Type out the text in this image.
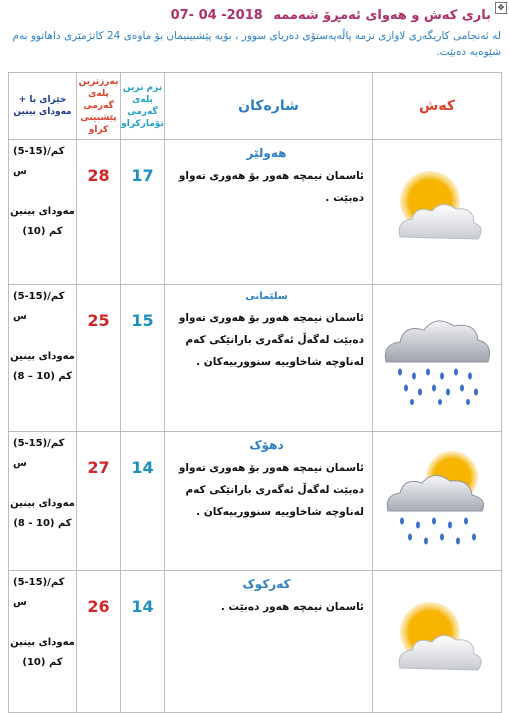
✥
باری کەش و هەوای ئەمڕۆ شەممە 2018- 04 -07
لە ئەنجامی کاریگەری لاوازی نزمە پاڵەپەستۆی دەریای سوور ، بۆیە پێشبینیمان بۆ ماوەی 24 کاتژمێری داهاتوو بەم شێوەیە دەبێت.
خێرای با + مەودای بینین	بەرزترین پلەی گەرمی پێشبینی کراو	نزم ترین پلەی گەرمی تۆمارکراو	شارەکان	کەش

(5-15)کم/س

مەودای بینین
(10) کم	28	17	هەولێر
ئاسمان نیمچە هەور بۆ هەوری تەواو دەبێت .	

(5-15)کم/س

مەودای بینین
(8 – 10) کم	25	15	سلێمانی
ئاسمان نیمچە هەور بۆ هەوری تەواو دەبێت لەگەڵ ئەگەری بارانێکی کەم لەناوچە شاخاوییە سنوورییەکان .	

(5-15)کم/س

مەودای بینین
(8 - 10) کم	27	14	دهۆک
ئاسمان نیمچە هەور بۆ هەوری تەواو دەبێت لەگەڵ ئەگەری بارانێکی کەم لەناوچە شاخاوییە سنوورییەکان .	

(5-15)کم/س

مەودای بینین
(10) کم	26	14	کەرکوک
ئاسمان نیمچە هەور دەبێت .	
